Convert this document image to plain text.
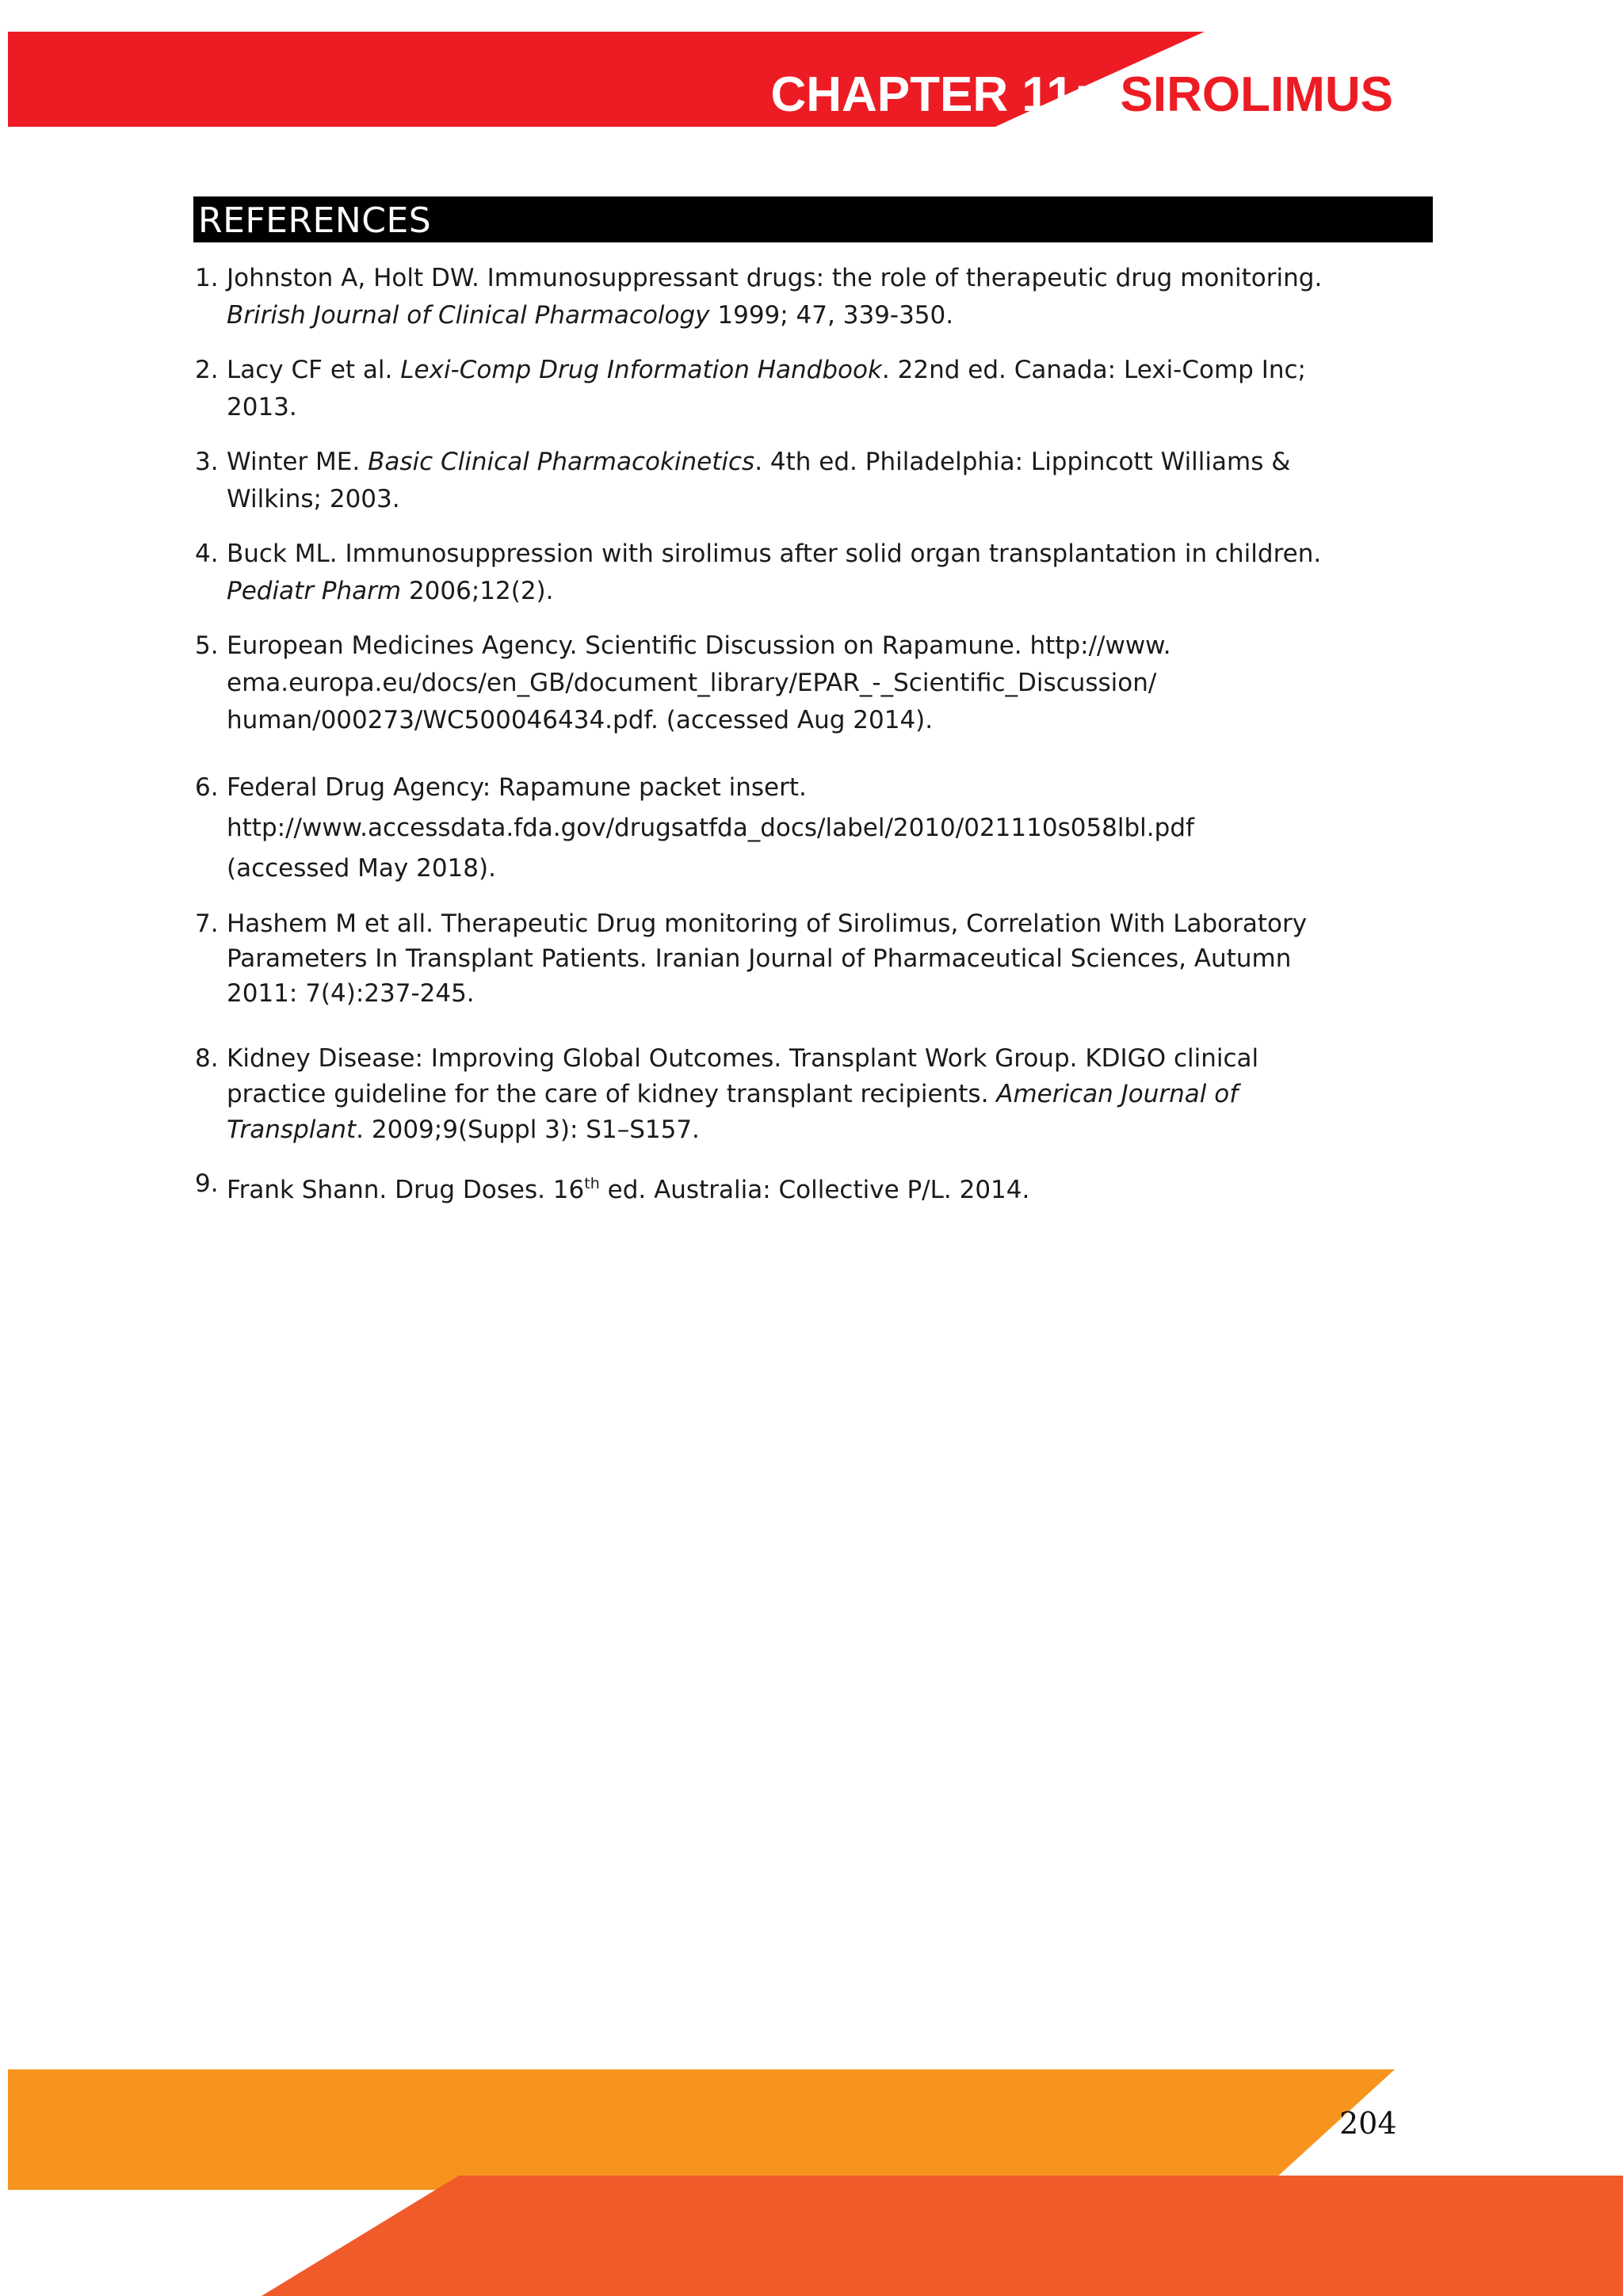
CHAPTER 11: SIROLIMUS
REFERENCES
1. Johnston A, Holt DW. Immunosuppressant drugs: the role of therapeutic drug monitoring.
Brirish Journal of Clinical Pharmacology 1999; 47, 339-350.
2. Lacy CF et al. Lexi-Comp Drug Information Handbook. 22nd ed. Canada: Lexi-Comp Inc;
2013.
3. Winter ME. Basic Clinical Pharmacokinetics. 4th ed. Philadelphia: Lippincott Williams &
Wilkins; 2003.
4. Buck ML. Immunosuppression with sirolimus after solid organ transplantation in children.
Pediatr Pharm 2006;12(2).
5. European Medicines Agency. Scientific Discussion on Rapamune. http://www.
ema.europa.eu/docs/en_GB/document_library/EPAR_-_Scientific_Discussion/
human/000273/WC500046434.pdf. (accessed Aug 2014).
6. Federal Drug Agency: Rapamune packet insert.
http://www.accessdata.fda.gov/drugsatfda_docs/label/2010/021110s058lbl.pdf
(accessed May 2018).
7. Hashem M et all. Therapeutic Drug monitoring of Sirolimus, Correlation With Laboratory
Parameters In Transplant Patients. Iranian Journal of Pharmaceutical Sciences, Autumn
2011: 7(4):237-245.
8. Kidney Disease: Improving Global Outcomes. Transplant Work Group. KDIGO clinical
practice guideline for the care of kidney transplant recipients. American Journal of
Transplant. 2009;9(Suppl 3): S1–S157.
9. Frank Shann. Drug Doses. 16th ed. Australia: Collective P/L. 2014.
204
